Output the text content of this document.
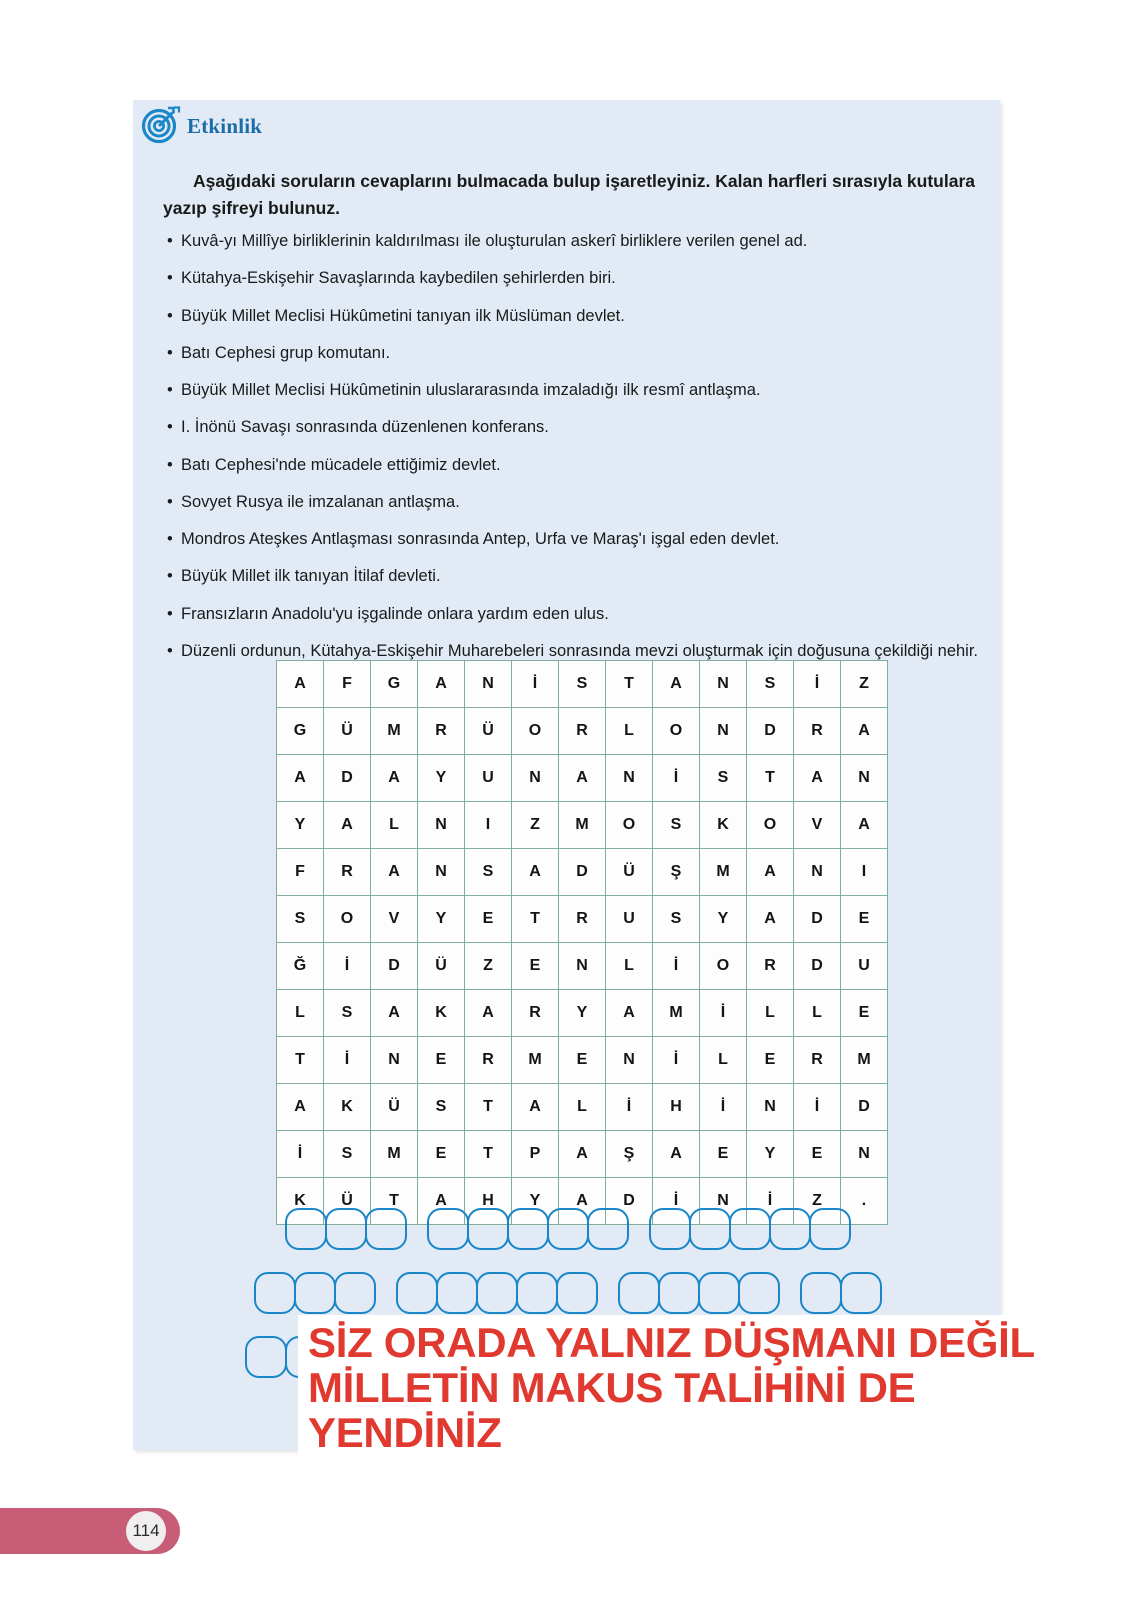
Etkinlik
Aşağıdaki soruların cevaplarını bulmacada bulup işaretleyiniz. Kalan harfleri sırasıyla kutulara yazıp şifreyi bulunuz.
• Kuvâ-yı Millîye birliklerinin kaldırılması ile oluşturulan askerî birliklere verilen genel ad.
• Kütahya-Eskişehir Savaşlarında kaybedilen şehirlerden biri.
• Büyük Millet Meclisi Hükûmetini tanıyan ilk Müslüman devlet.
• Batı Cephesi grup komutanı.
• Büyük Millet Meclisi Hükûmetinin uluslararasında imzaladığı ilk resmî antlaşma.
• I. İnönü Savaşı sonrasında düzenlenen konferans.
• Batı Cephesi'nde mücadele ettiğimiz devlet.
• Sovyet Rusya ile imzalanan antlaşma.
• Mondros Ateşkes Antlaşması sonrasında Antep, Urfa ve Maraş'ı işgal eden devlet.
• Büyük Millet ilk tanıyan İtilaf devleti.
• Fransızların Anadolu'yu işgalinde onlara yardım eden ulus.
• Düzenli ordunun, Kütahya-Eskişehir Muharebeleri sonrasında mevzi oluşturmak için doğusuna çekildiği nehir.
A	F	G	A	N	İ	S	T	A	N	S	İ	Z
G	Ü	M	R	Ü	O	R	L	O	N	D	R	A
A	D	A	Y	U	N	A	N	İ	S	T	A	N
Y	A	L	N	I	Z	M	O	S	K	O	V	A
F	R	A	N	S	A	D	Ü	Ş	M	A	N	I
S	O	V	Y	E	T	R	U	S	Y	A	D	E
Ğ	İ	D	Ü	Z	E	N	L	İ	O	R	D	U
L	S	A	K	A	R	Y	A	M	İ	L	L	E
T	İ	N	E	R	M	E	N	İ	L	E	R	M
A	K	Ü	S	T	A	L	İ	H	İ	N	İ	D
İ	S	M	E	T	P	A	Ş	A	E	Y	E	N
K	Ü	T	A	H	Y	A	D	İ	N	İ	Z	.
SİZ ORADA YALNIZ DÜŞMANI DEĞİL
MİLLETİN MAKUS TALİHİNİ DE
YENDİNİZ
114
